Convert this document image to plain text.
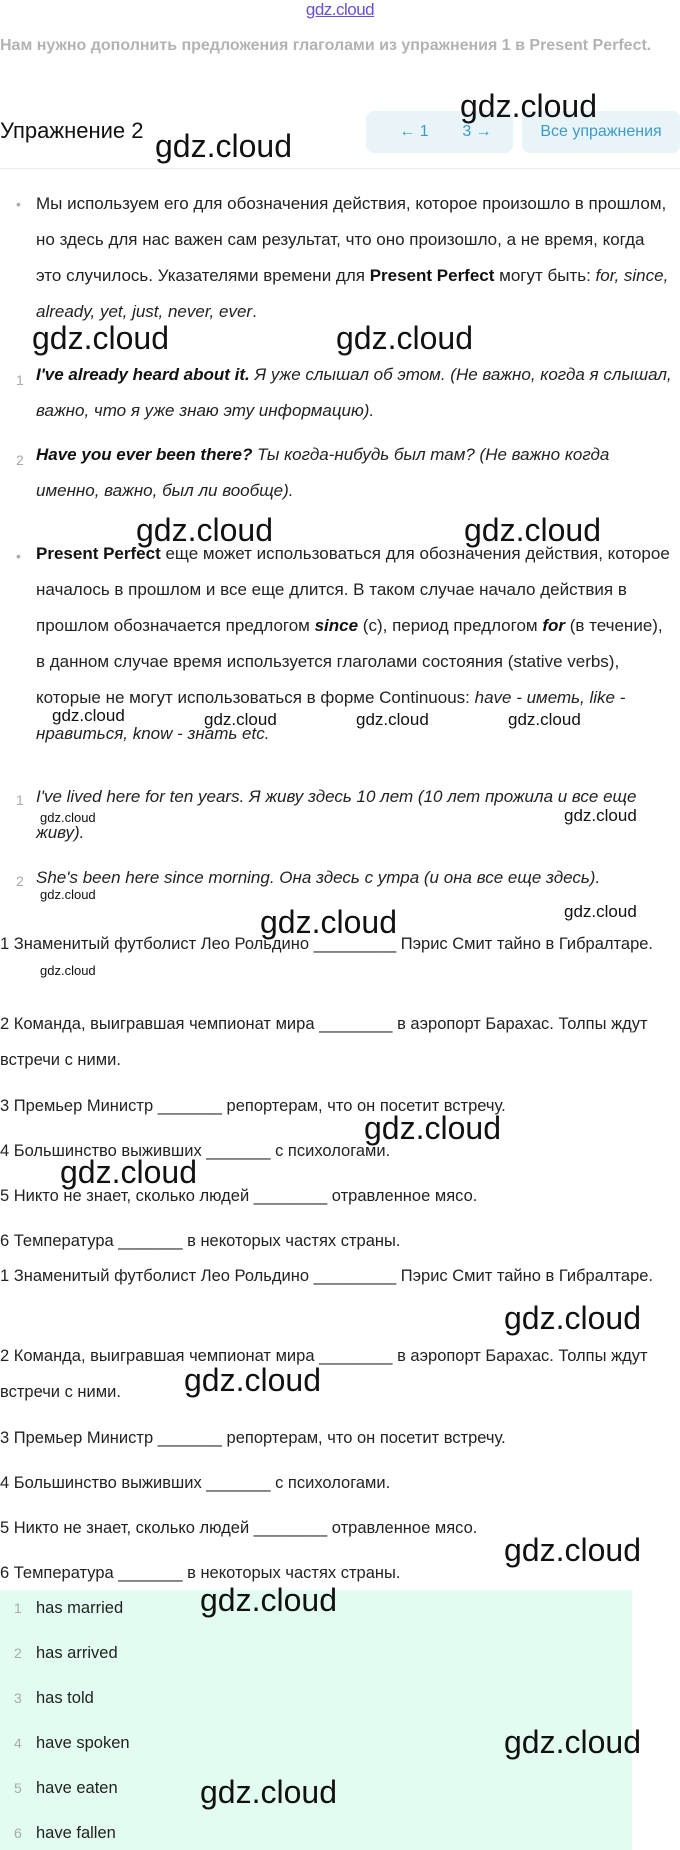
gdz.cloud
Нам нужно дополнить предложения глаголами из упражнения 1 в Present Perfect.
Упражнение 2	← 1	3 →	Все упражнения
• Мы используем его для обозначения действия, которое произошло в прошлом, но здесь для нас важен сам результат, что оно произошло, а не время, когда это случилось. Указателями времени для Present Perfect могут быть: for, since, already, yet, just, never, ever.
1 I've already heard about it. Я уже слышал об этом. (Не важно, когда я слышал, важно, что я уже знаю эту информацию).
2 Have you ever been there? Ты когда-нибудь был там? (Не важно когда именно, важно, был ли вообще).
• Present Perfect еще может использоваться для обозначения действия, которое началось в прошлом и все еще длится. В таком случае начало действия в прошлом обозначается предлогом since (с), период предлогом for (в течение), в данном случае время используется глаголами состояния (stative verbs), которые не могут использоваться в форме Continuous: have - иметь, like - нравиться, know - знать etc.
1 I've lived here for ten years. Я живу здесь 10 лет (10 лет прожила и все еще живу).
2 She's been here since morning. Она здесь с утра (и она все еще здесь).
1 Знаменитый футболист Лео Рольдино _________ Пэрис Смит тайно в Гибралтаре.
2 Команда, выигравшая чемпионат мира ________ в аэропорт Барахас. Толпы ждут встречи с ними.
3 Премьер Министр _______ репортерам, что он посетит встречу.
4 Большинство выживших _______ с психологами.
5 Никто не знает, сколько людей ________ отравленное мясо.
6 Температура _______ в некоторых частях страны.
1 Знаменитый футболист Лео Рольдино _________ Пэрис Смит тайно в Гибралтаре.
2 Команда, выигравшая чемпионат мира ________ в аэропорт Барахас. Толпы ждут встречи с ними.
3 Премьер Министр _______ репортерам, что он посетит встречу.
4 Большинство выживших _______ с психологами.
5 Никто не знает, сколько людей ________ отравленное мясо.
6 Температура _______ в некоторых частях страны.
1 has married
2 has arrived
3 has told
4 have spoken
5 have eaten
6 have fallen
gdz.cloud
gdz.cloud
gdz.cloud	gdz.cloud
gdz.cloud	gdz.cloud
gdz.cloud	gdz.cloud	gdz.cloud	gdz.cloud
gdz.cloud	gdz.cloud
gdz.cloud
gdz.cloud
gdz.cloud
gdz.cloud
gdz.cloud
gdz.cloud
gdz.cloud
gdz.cloud
gdz.cloud
gdz.cloud
gdz.cloud
gdz.cloud
